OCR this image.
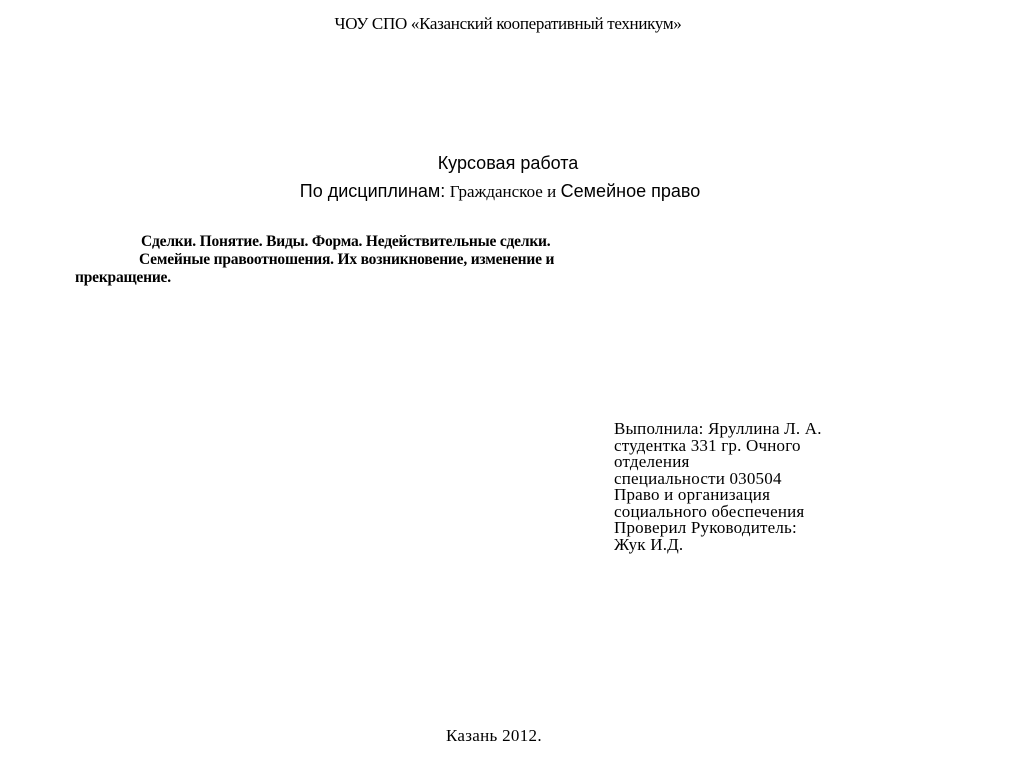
ЧОУ СПО «Казанский кооперативный техникум»
Курсовая работа
По дисциплинам: Гражданское и Семейное право
Сделки. Понятие. Виды. Форма. Недействительные сделки.
Семейные правоотношения. Их возникновение, изменение и
прекращение.
Выполнила: Яруллина Л. А.
студентка 331 гр. Очного
отделения
специальности 030504
Право и организация
социального обеспечения
Проверил Руководитель:
Жук И.Д.
Казань 2012.
